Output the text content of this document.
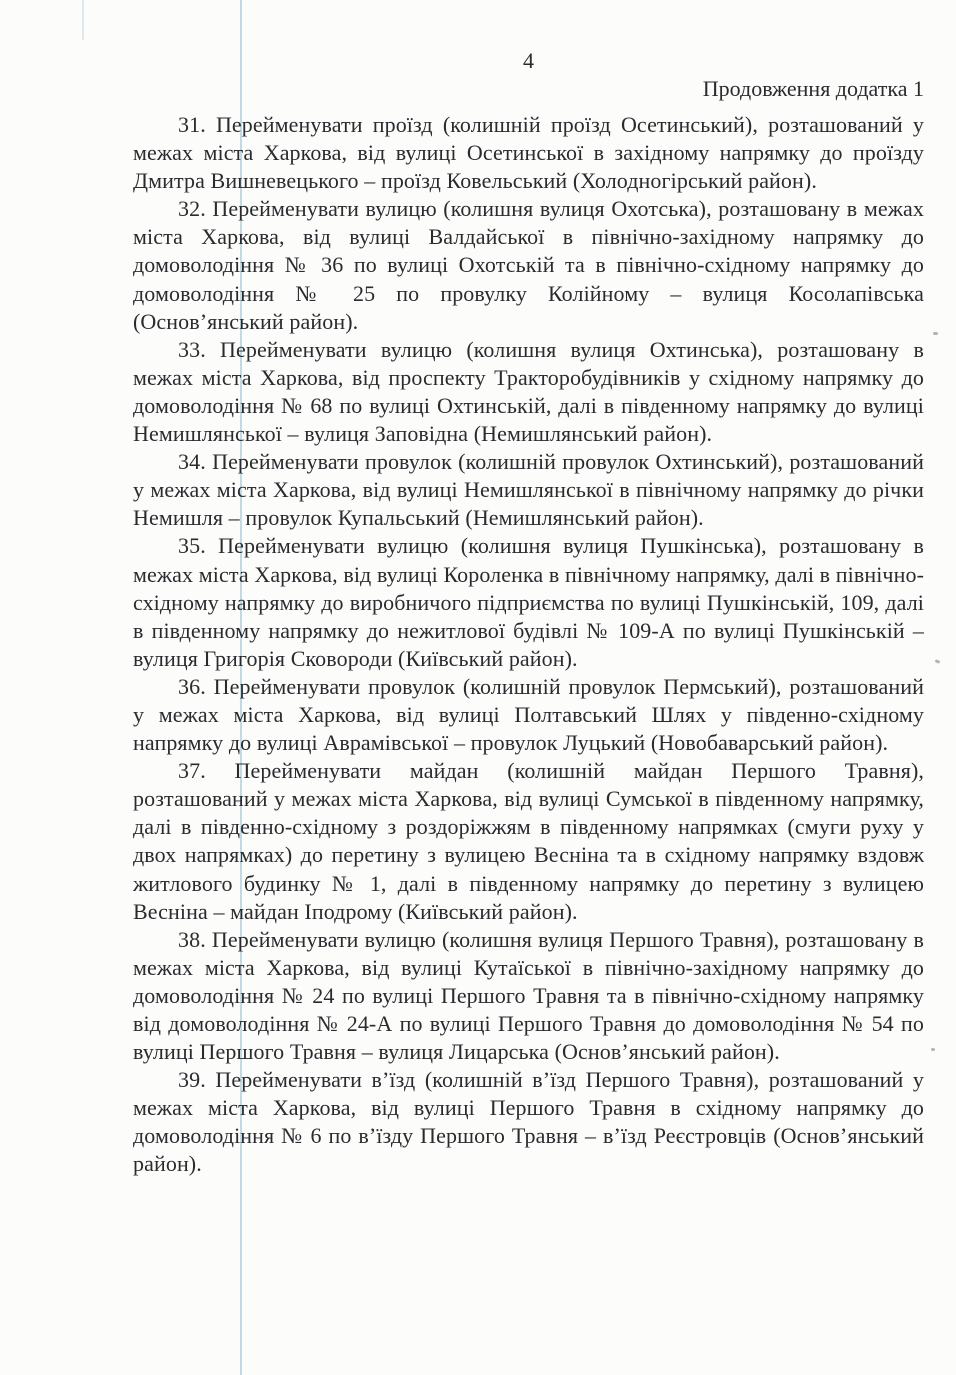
4
Продовження додатка 1

31. Перейменувати проїзд (колишній проїзд Осетинський), розташований у межах міста Харкова, від вулиці Осетинської в західному напрямку до проїзду Дмитра Вишневецького – проїзд Ковельський (Холодногірський район).

32. Перейменувати вулицю (колишня вулиця Охотська), розташовану в межах міста Харкова, від вулиці Валдайської в північно-західному напрямку до домоволодіння № 36 по вулиці Охотській та в північно-східному напрямку до домоволодіння № 25 по провулку Колійному – вулиця Косолапівська (Основ’янський район).

33. Перейменувати вулицю (колишня вулиця Охтинська), розташовану в межах міста Харкова, від проспекту Тракторобудівників у східному напрямку до домоволодіння № 68 по вулиці Охтинській, далі в південному напрямку до вулиці Немишлянської – вулиця Заповідна (Немишлянський район).

34. Перейменувати провулок (колишній провулок Охтинський), розташований у межах міста Харкова, від вулиці Немишлянської в північному напрямку до річки Немишля – провулок Купальський (Немишлянський район).

35. Перейменувати вулицю (колишня вулиця Пушкінська), розташовану в межах міста Харкова, від вулиці Короленка в північному напрямку, далі в північно-східному напрямку до виробничого підприємства по вулиці Пушкінській, 109, далі в південному напрямку до нежитлової будівлі № 109-А по вулиці Пушкінській – вулиця Григорія Сковороди (Київський район).

36. Перейменувати провулок (колишній провулок Пермський), розташований у межах міста Харкова, від вулиці Полтавський Шлях у південно-східному напрямку до вулиці Аврамівської – провулок Луцький (Новобаварський район).

37. Перейменувати майдан (колишній майдан Першого Травня), розташований у межах міста Харкова, від вулиці Сумської в південному напрямку, далі в південно-східному з роздоріжжям в південному напрямках (смуги руху у двох напрямках) до перетину з вулицею Весніна та в східному напрямку вздовж житлового будинку № 1, далі в південному напрямку до перетину з вулицею Весніна – майдан Іподрому (Київський район).

38. Перейменувати вулицю (колишня вулиця Першого Травня), розташовану в межах міста Харкова, від вулиці Кутаїської в північно-західному напрямку до домоволодіння № 24 по вулиці Першого Травня та в північно-східному напрямку від домоволодіння № 24-А по вулиці Першого Травня до домоволодіння № 54 по вулиці Першого Травня – вулиця Лицарська (Основ’янський район).

39. Перейменувати в’їзд (колишній в’їзд Першого Травня), розташований у межах міста Харкова, від вулиці Першого Травня в східному напрямку до домоволодіння № 6 по в’їзду Першого Травня – в’їзд Реєстровців (Основ’янський район).
